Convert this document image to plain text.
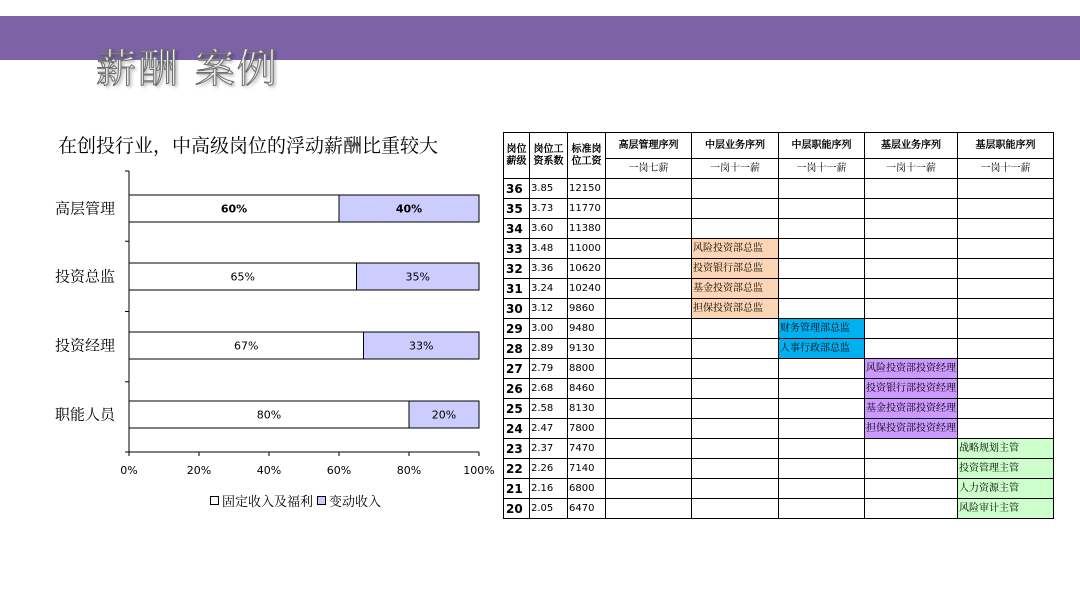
薪酬 案例
在创投行业，中高级岗位的浮动薪酬比重较大
0%	20%	40%	60%	80%	100%
高层管理	60%	40%
投资总监	65%	35%
投资经理	67%	33%
职能人员	80%	20%
固定收入及福利 变动收入
岗位薪级	岗位工资系数	标准岗位工资	高层管理序列	中层业务序列	中层职能序列	基层业务序列	基层职能序列
			一岗七薪	一岗十一薪	一岗十一薪	一岗十一薪	一岗十一薪
36	3.85	12150					
35	3.73	11770					
34	3.60	11380					
33	3.48	11000		风险投资部总监			
32	3.36	10620		投资银行部总监			
31	3.24	10240		基金投资部总监			
30	3.12	9860		担保投资部总监			
29	3.00	9480			财务管理部总监		
28	2.89	9130			人事行政部总监		
27	2.79	8800				风险投资部投资经理	
26	2.68	8460				投资银行部投资经理	
25	2.58	8130				基金投资部投资经理	
24	2.47	7800				担保投资部投资经理	
23	2.37	7470					战略规划主管
22	2.26	7140					投资管理主管
21	2.16	6800					人力资源主管
20	2.05	6470					风险审计主管
